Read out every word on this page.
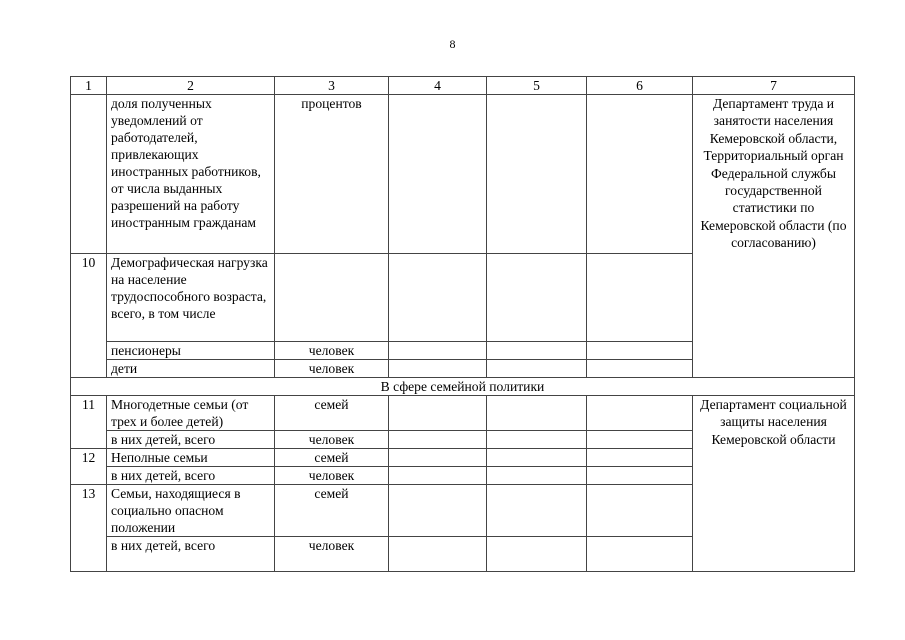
8
1	2	3	4	5	6	7
	доля полученных уведомлений от работодателей, привлекающих иностранных работников, от числа выданных разрешений на работу иностранным гражданам	процентов				Департамент труда и занятости населения Кемеровской области, Территориальный орган Федеральной службы государственной статистики по Кемеровской области (по согласованию)
10	Демографическая нагрузка на население трудоспособного возраста, всего, в том числе					
	пенсионеры	человек				
	дети	человек				
В сфере семейной политики						
11	Многодетные семьи (от трех и более детей)	семей				Департамент социальной защиты населения Кемеровской области
	в них детей, всего	человек				
12	Неполные семьи	семей				
	в них детей, всего	человек				
13	Семьи, находящиеся в социально опасном положении	семей				
	в них детей, всего	человек				
